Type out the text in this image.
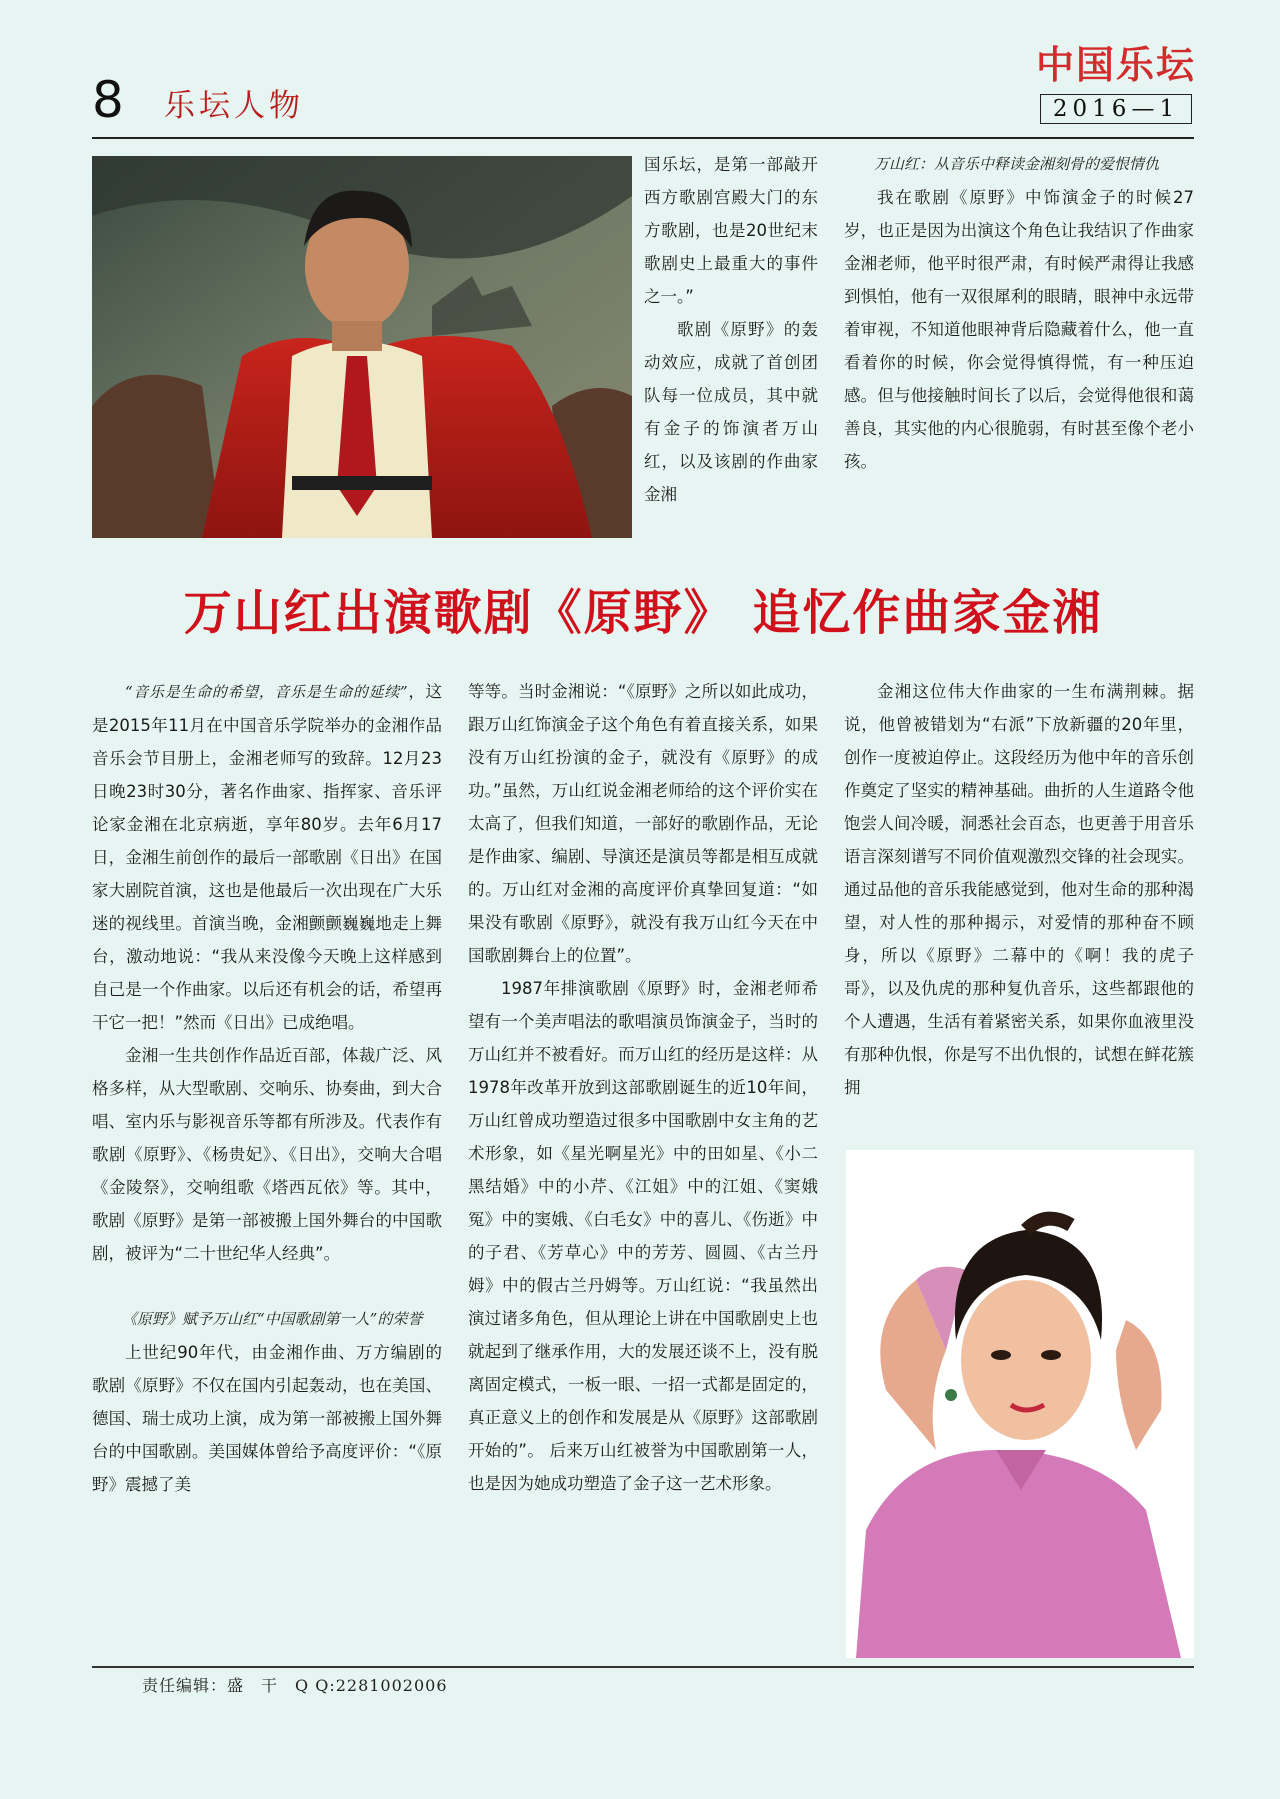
8 乐坛人物
中国乐坛
2016—1

国乐坛，是第一部敲开西方歌剧宫殿大门的东方歌剧，也是20世纪末歌剧史上最重大的事件之一。”

歌剧《原野》的轰动效应，成就了首创团队每一位成员，其中就有金子的饰演者万山红，以及该剧的作曲家金湘

万山红：从音乐中释读金湘刻骨的爱恨情仇

我在歌剧《原野》中饰演金子的时候27岁，也正是因为出演这个角色让我结识了作曲家金湘老师，他平时很严肃，有时候严肃得让我感到惧怕，他有一双很犀利的眼睛，眼神中永远带着审视，不知道他眼神背后隐藏着什么，他一直看着你的时候，你会觉得慎得慌，有一种压迫感。但与他接触时间长了以后，会觉得他很和蔼善良，其实他的内心很脆弱，有时甚至像个老小孩。

万山红出演歌剧《原野》 追忆作曲家金湘

“音乐是生命的希望，音乐是生命的延续”，这是2015年11月在中国音乐学院举办的金湘作品音乐会节目册上，金湘老师写的致辞。12月23日晚23时30分，著名作曲家、指挥家、音乐评论家金湘在北京病逝，享年80岁。去年6月17日，金湘生前创作的最后一部歌剧《日出》在国家大剧院首演，这也是他最后一次出现在广大乐迷的视线里。首演当晚，金湘颤颤巍巍地走上舞台，激动地说：“我从来没像今天晚上这样感到自己是一个作曲家。以后还有机会的话，希望再干它一把！”然而《日出》已成绝唱。

金湘一生共创作作品近百部，体裁广泛、风格多样，从大型歌剧、交响乐、协奏曲，到大合唱、室内乐与影视音乐等都有所涉及。代表作有歌剧《原野》、《杨贵妃》、《日出》，交响大合唱《金陵祭》，交响组歌《塔西瓦依》等。其中，歌剧《原野》是第一部被搬上国外舞台的中国歌剧，被评为“二十世纪华人经典”。

《原野》赋予万山红“中国歌剧第一人”的荣誉

上世纪90年代，由金湘作曲、万方编剧的歌剧《原野》不仅在国内引起轰动，也在美国、德国、瑞士成功上演，成为第一部被搬上国外舞台的中国歌剧。美国媒体曾给予高度评价：“《原野》震撼了美

等等。当时金湘说：“《原野》之所以如此成功，跟万山红饰演金子这个角色有着直接关系，如果没有万山红扮演的金子，就没有《原野》的成功。”虽然，万山红说金湘老师给的这个评价实在太高了，但我们知道，一部好的歌剧作品，无论是作曲家、编剧、导演还是演员等都是相互成就的。万山红对金湘的高度评价真挚回复道：“如果没有歌剧《原野》，就没有我万山红今天在中国歌剧舞台上的位置”。

1987年排演歌剧《原野》时，金湘老师希望有一个美声唱法的歌唱演员饰演金子，当时的万山红并不被看好。而万山红的经历是这样：从1978年改革开放到这部歌剧诞生的近10年间，万山红曾成功塑造过很多中国歌剧中女主角的艺术形象，如《星光啊星光》中的田如星、《小二黑结婚》中的小芹、《江姐》中的江姐、《窦娥冤》中的窦娥、《白毛女》中的喜儿、《伤逝》中的子君、《芳草心》中的芳芳、圆圆、《古兰丹姆》中的假古兰丹姆等。万山红说：“我虽然出演过诸多角色，但从理论上讲在中国歌剧史上也就起到了继承作用，大的发展还谈不上，没有脱离固定模式，一板一眼、一招一式都是固定的，真正意义上的创作和发展是从《原野》这部歌剧开始的”。 后来万山红被誉为中国歌剧第一人，也是因为她成功塑造了金子这一艺术形象。

金湘这位伟大作曲家的一生布满荆棘。据说，他曾被错划为“右派”下放新疆的20年里，创作一度被迫停止。这段经历为他中年的音乐创作奠定了坚实的精神基础。曲折的人生道路令他饱尝人间冷暖，洞悉社会百态，也更善于用音乐语言深刻谱写不同价值观激烈交锋的社会现实。通过品他的音乐我能感觉到，他对生命的那种渴望，对人性的那种揭示，对爱情的那种奋不顾身，所以《原野》二幕中的《啊！我的虎子哥》，以及仇虎的那种复仇音乐，这些都跟他的个人遭遇，生活有着紧密关系，如果你血液里没有那种仇恨，你是写不出仇恨的，试想在鲜花簇拥

责任编辑：盛　干　Q Q:2281002006
